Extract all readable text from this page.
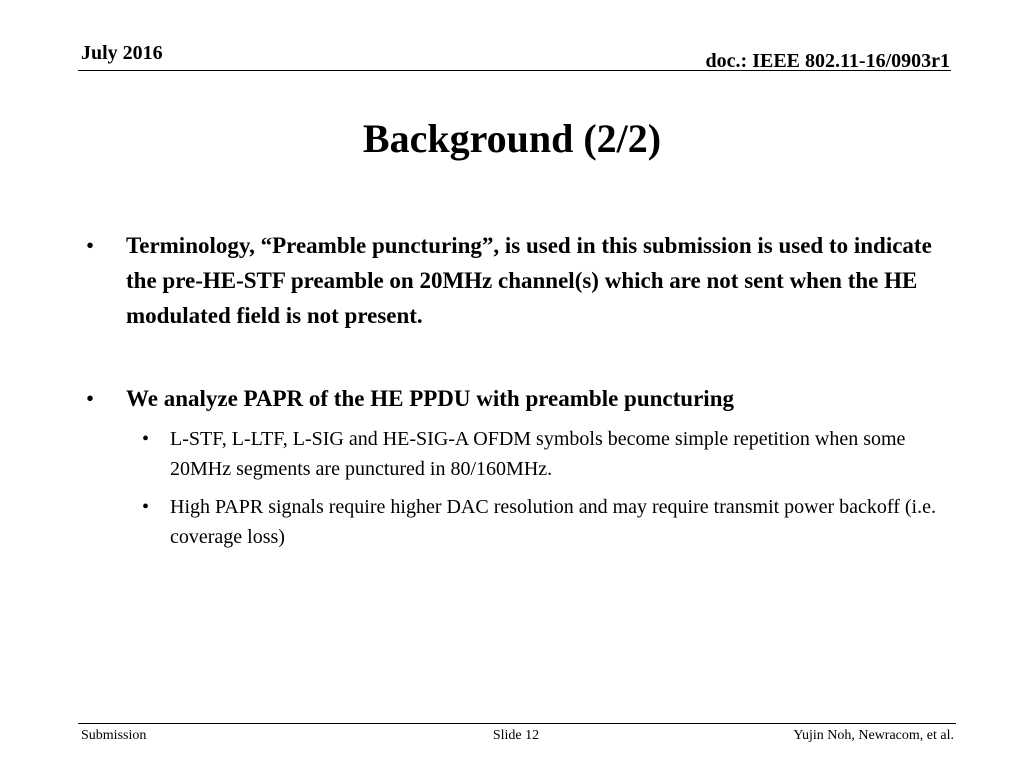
July 2016	doc.: IEEE 802.11-16/0903r1
Background (2/2)
• Terminology, “Preamble puncturing”, is used in this submission is used to indicate the pre-HE-STF preamble on 20MHz channel(s) which are not sent when the HE modulated field is not present.
• We analyze PAPR of the HE PPDU with preamble puncturing
• L-STF, L-LTF, L-SIG and HE-SIG-A OFDM symbols become simple repetition when some 20MHz segments are punctured in 80/160MHz.
• High PAPR signals require higher DAC resolution and may require transmit power backoff (i.e. coverage loss)
Submission	Slide 12	Yujin Noh, Newracom, et al.
